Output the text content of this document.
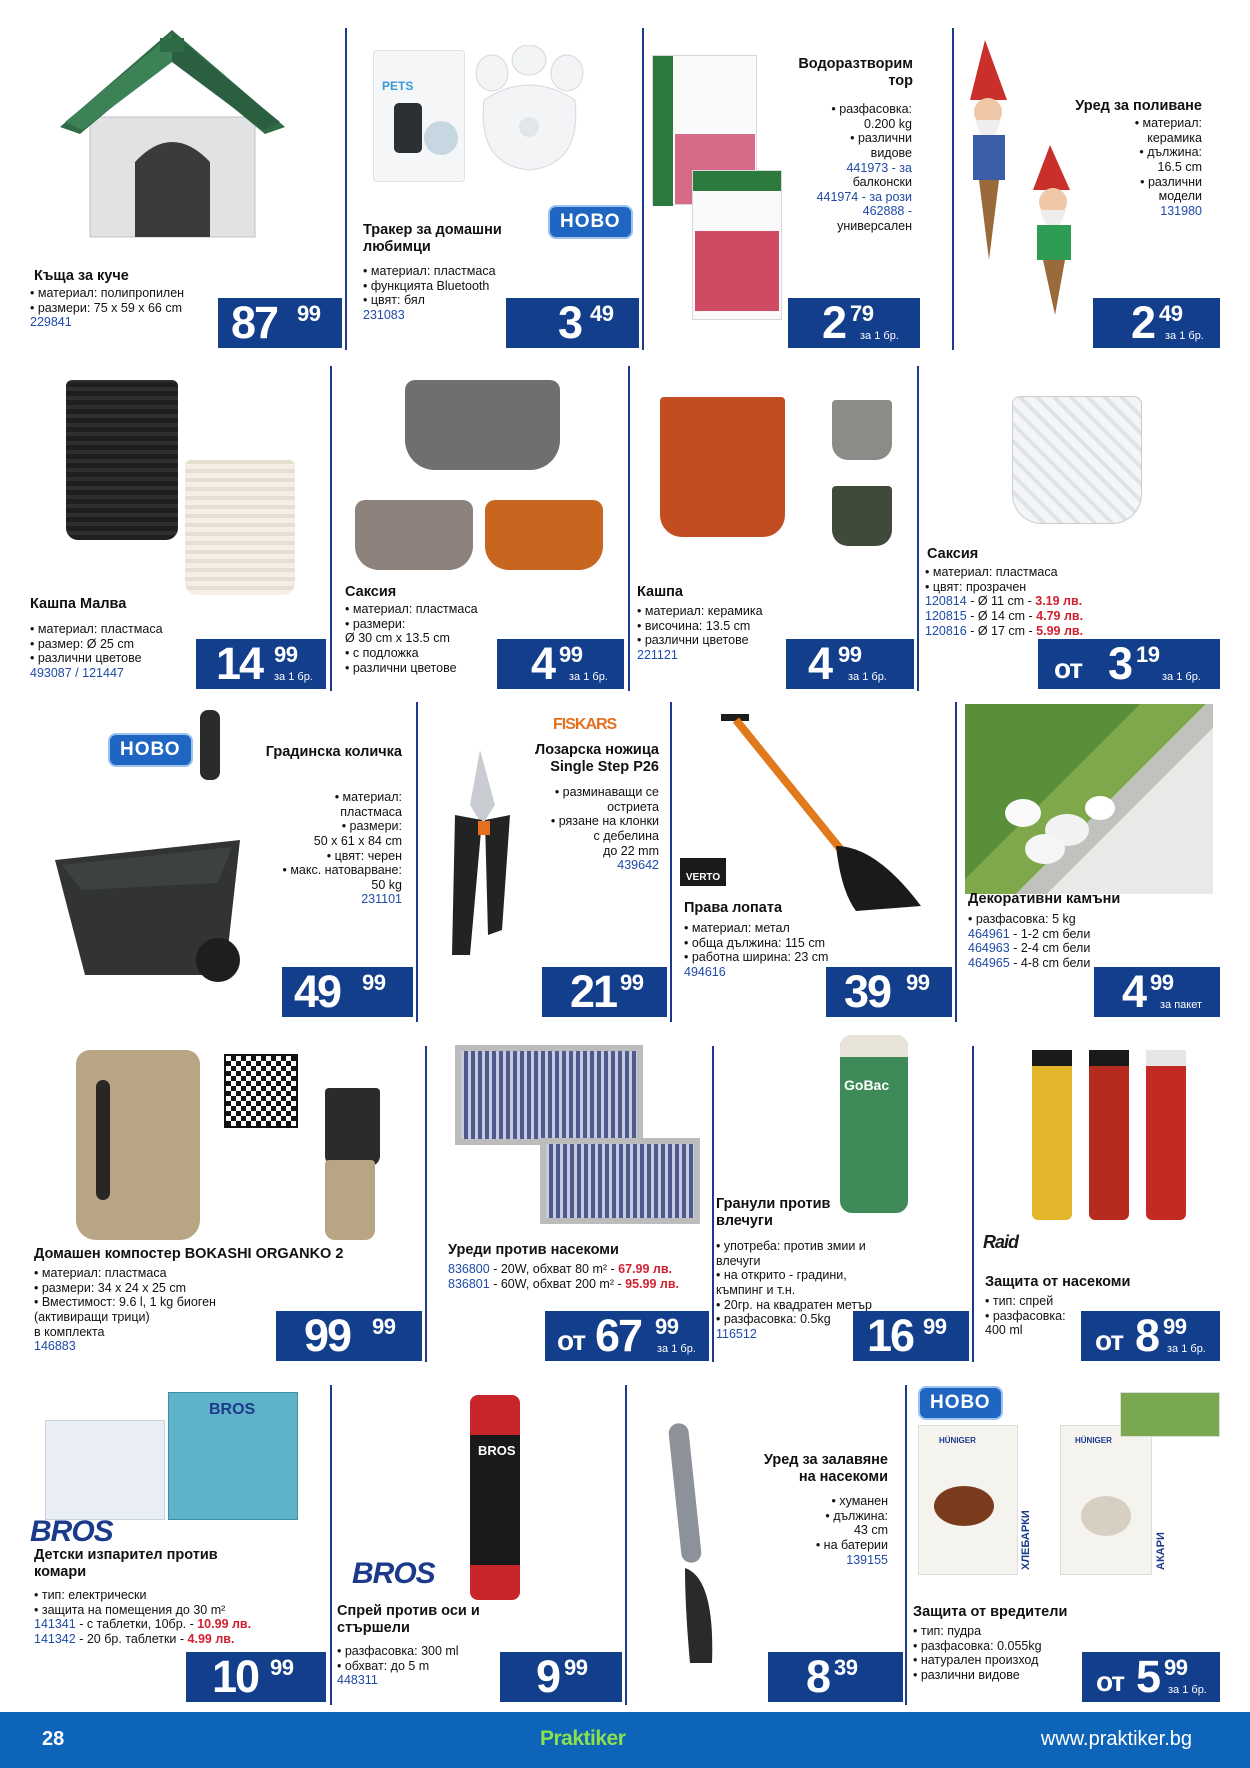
Къща за куче
• материал: полипропилен
• размери: 75 x 59 x 66 cm
229841	87 99
PETS
НОВО
Тракер за домашни
любимци
• материал: пластмаса
• функцията Bluetooth
• цвят: бял
231083	3 49
Водоразтворим
тор
• разфасовка:
0.200 kg
• различни
видове
441973 - за
балконски
441974 - за рози
462888 -
универсален
2 79
за 1 бр.
Уред за поливане
• материал:
керамика
• дължина:
16.5 cm
• различни
модели
131980
2 49
за 1 бр.
Кашпа Малва
• материал: пластмаса
• размер: Ø 25 cm
• различни цветове
493087 / 121447	14 99
за 1 бр.
Саксия
• материал: пластмаса
• размери:
Ø 30 cm x 13.5 cm
• с подложка
• различни цветове	4 99
за 1 бр.
Кашпа
• материал: керамика
• височина: 13.5 cm
• различни цветове
221121	4 99
за 1 бр.
Саксия
• материал: пластмаса
• цвят: прозрачен
120814 - Ø 11 cm - 3.19 лв.
120815 - Ø 14 cm - 4.79 лв.
120816 - Ø 17 cm - 5.99 лв.
от 3 19
за 1 бр.
НОВО	Градинска количка
• материал:
пластмаса
• размери:
50 x 61 x 84 cm
• цвят: черен
• макс. натоварване:
50 kg
231101
49 99
FISKARS
Лозарска ножица
Single Step P26
• разминаващи се
остриета
• рязане на клонки
с дебелина
до 22 mm
439642
21 99
VERTO
Права лопата
• материал: метал
• обща дължина: 115 cm
• работна ширина: 23 cm
494616	39 99
Декоративни камъни
• разфасовка: 5 kg
464961 - 1-2 cm бели
464963 - 2-4 cm бели
464965 - 4-8 cm бели
4 99
за пакет
Домашен компостер BOKASHI ORGANKO 2
• материал: пластмаса
• размери: 34 x 24 x 25 cm
• Вместимост: 9.6 l, 1 kg биоген
(активиращи трици)
в комплекта
146883	99 99
Уреди против насекоми
836800 - 20W, обхват 80 m² - 67.99 лв.
836801 - 60W, обхват 200 m² - 95.99 лв.
от 67 99
за 1 бр.
GoBac
Гранули против
влечуги
• употреба: против змии и
влечуги
• на открито - градини,
къмпинг и т.н.
• 20гр. на квадратен метър
• разфасовка: 0.5kg
116512	16 99
Raid
Защита от насекоми
• тип: спрей
• разфасовка:
400 ml	от 8 99
за 1 бр.
BROS
BROS
Детски изпарител против
комари
• тип: електрически
• защита на помещения до 30 m²
141341 - с таблетки, 10бр. - 10.99 лв.
141342 - 20 бр. таблетки - 4.99 лв.
10 99
BROS
BROS
Спрей против оси и
стършели
• разфасовка: 300 ml
• обхват: до 5 m
448311	9 99
Уред за залавяне
на насекоми
• хуманен
• дължина:
43 cm
• на батерии
139155
8 39
НОВО
HÜNIGER
ХЛЕБАРКИ
HÜNIGER
АКАРИ
Защита от вредители
• тип: пудра
• разфасовка: 0.055kg
• натурален произход
• различни видове	от 5 99
за 1 бр.
28	Praktiker	www.praktiker.bg
